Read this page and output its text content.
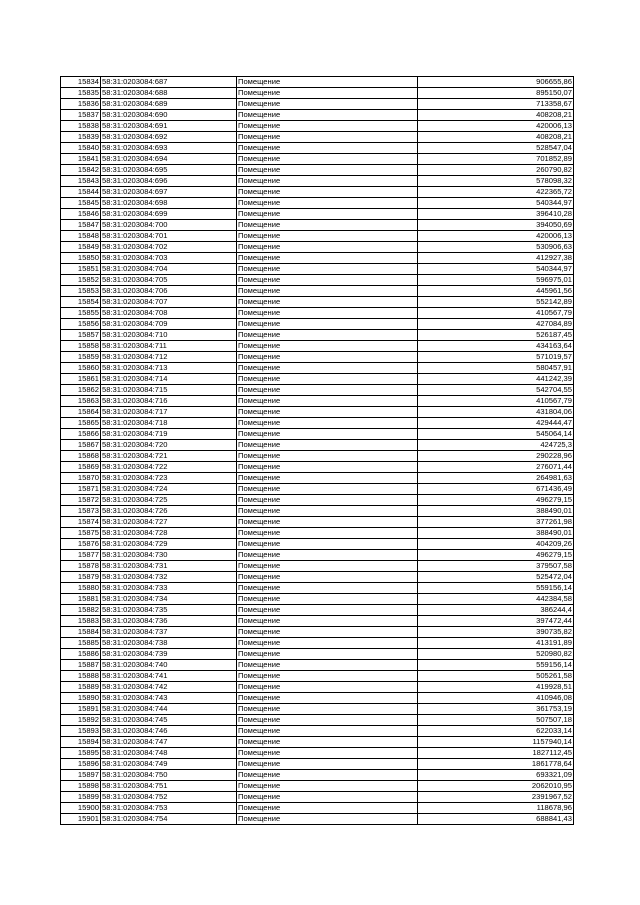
15834	58:31:0203084:687	Помещение	906655,86
15835	58:31:0203084:688	Помещение	895150,07
15836	58:31:0203084:689	Помещение	713358,67
15837	58:31:0203084:690	Помещение	408208,21
15838	58:31:0203084:691	Помещение	420006,13
15839	58:31:0203084:692	Помещение	408208,21
15840	58:31:0203084:693	Помещение	528547,04
15841	58:31:0203084:694	Помещение	701852,89
15842	58:31:0203084:695	Помещение	260790,82
15843	58:31:0203084:696	Помещение	578098,32
15844	58:31:0203084:697	Помещение	422365,72
15845	58:31:0203084:698	Помещение	540344,97
15846	58:31:0203084:699	Помещение	396410,28
15847	58:31:0203084:700	Помещение	394050,69
15848	58:31:0203084:701	Помещение	420006,13
15849	58:31:0203084:702	Помещение	530906,63
15850	58:31:0203084:703	Помещение	412927,38
15851	58:31:0203084:704	Помещение	540344,97
15852	58:31:0203084:705	Помещение	596975,01
15853	58:31:0203084:706	Помещение	445961,56
15854	58:31:0203084:707	Помещение	552142,89
15855	58:31:0203084:708	Помещение	410567,79
15856	58:31:0203084:709	Помещение	427084,89
15857	58:31:0203084:710	Помещение	526187,45
15858	58:31:0203084:711	Помещение	434163,64
15859	58:31:0203084:712	Помещение	571019,57
15860	58:31:0203084:713	Помещение	580457,91
15861	58:31:0203084:714	Помещение	441242,39
15862	58:31:0203084:715	Помещение	542704,55
15863	58:31:0203084:716	Помещение	410567,79
15864	58:31:0203084:717	Помещение	431804,06
15865	58:31:0203084:718	Помещение	429444,47
15866	58:31:0203084:719	Помещение	545064,14
15867	58:31:0203084:720	Помещение	424725,3
15868	58:31:0203084:721	Помещение	290228,96
15869	58:31:0203084:722	Помещение	276071,44
15870	58:31:0203084:723	Помещение	264981,63
15871	58:31:0203084:724	Помещение	671436,49
15872	58:31:0203084:725	Помещение	496279,15
15873	58:31:0203084:726	Помещение	388490,01
15874	58:31:0203084:727	Помещение	377261,98
15875	58:31:0203084:728	Помещение	388490,01
15876	58:31:0203084:729	Помещение	404209,26
15877	58:31:0203084:730	Помещение	496279,15
15878	58:31:0203084:731	Помещение	379507,58
15879	58:31:0203084:732	Помещение	525472,04
15880	58:31:0203084:733	Помещение	559156,14
15881	58:31:0203084:734	Помещение	442384,58
15882	58:31:0203084:735	Помещение	386244,4
15883	58:31:0203084:736	Помещение	397472,44
15884	58:31:0203084:737	Помещение	390735,82
15885	58:31:0203084:738	Помещение	413191,89
15886	58:31:0203084:739	Помещение	520980,82
15887	58:31:0203084:740	Помещение	559156,14
15888	58:31:0203084:741	Помещение	505261,58
15889	58:31:0203084:742	Помещение	419928,51
15890	58:31:0203084:743	Помещение	410946,08
15891	58:31:0203084:744	Помещение	361753,19
15892	58:31:0203084:745	Помещение	507507,18
15893	58:31:0203084:746	Помещение	622033,14
15894	58:31:0203084:747	Помещение	1157940,14
15895	58:31:0203084:748	Помещение	1827112,45
15896	58:31:0203084:749	Помещение	1861778,64
15897	58:31:0203084:750	Помещение	693321,09
15898	58:31:0203084:751	Помещение	2062010,95
15899	58:31:0203084:752	Помещение	2391967,52
15900	58:31:0203084:753	Помещение	118678,96
15901	58:31:0203084:754	Помещение	688841,43
